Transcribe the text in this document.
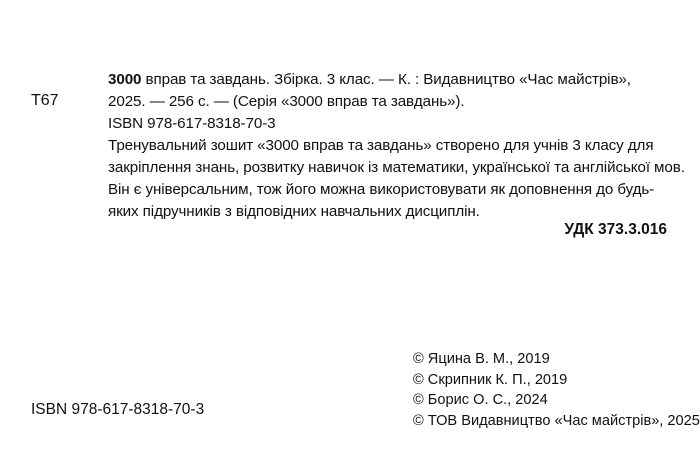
Т67

3000 вправ та завдань. Збірка. 3 клас. — К. : Видавництво «Час майстрів»,

2025. — 256 с. — (Серія «3000 вправ та завдань»).

ISBN 978-617-8318-70-3

Тренувальний зошит «3000 вправ та завдань» створено для учнів 3 класу для

закріплення знань, розвитку навичок із математики, української та англійської мов.

Він є універсальним, тож його можна використовувати як доповнення до будь-

яких підручників з відповідних навчальних дисциплін.

УДК 373.3.016
© Яцина В. М., 2019
© Скрипник К. П., 2019
© Борис О. С., 2024
© ТОВ Видавництво «Час майстрів», 2025
ISBN 978-617-8318-70-3
